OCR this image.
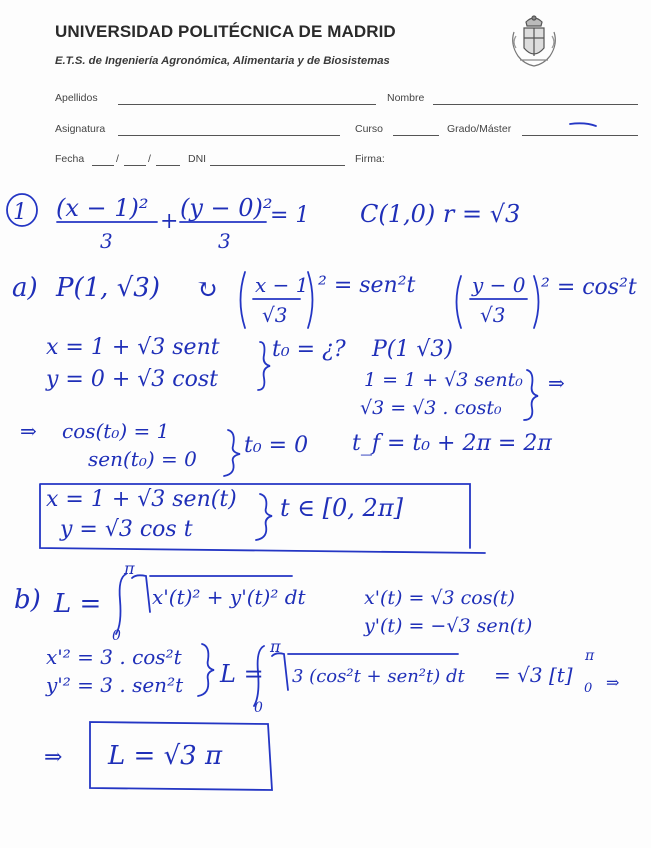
UNIVERSIDAD POLITÉCNICA DE MADRID
E.T.S. de Ingeniería Agronómica, Alimentaria y de Biosistemas
Apellidos	Nombre
Asignatura	Curso	Grado/Máster
Fecha	/	/	DNI	Firma:
1 (x − 1)² + (y − 0)²
3	3
= 1 C(1,0) r = √3
a) P(1, √3) ↻ x − 1
√3
² = sen²t	y − 0
√3
² = cos²t
x = 1 + √3 sent
y = 0 + √3 cost
t₀ = ¿? P(1 √3)
1 = 1 + √3 sent₀
√3 = √3 . cost₀
⇒
⇒ cos(t₀) = 1
sen(t₀) = 0
t₀ = 0 t_f = t₀ + 2π = 2π
x = 1 + √3 sen(t)
y = √3 cos t
t ∈ [0, 2π]
b) L =
π
0
x'(t)² + y'(t)² dt	x'(t) = √3 cos(t)
y'(t) = −√3 sen(t)
x'² = 3 . cos²t
y'² = 3 . sen²t L =
π
0
3 (cos²t + sen²t) dt = √3 [t]
π
0 ⇒
⇒ L = √3 π
